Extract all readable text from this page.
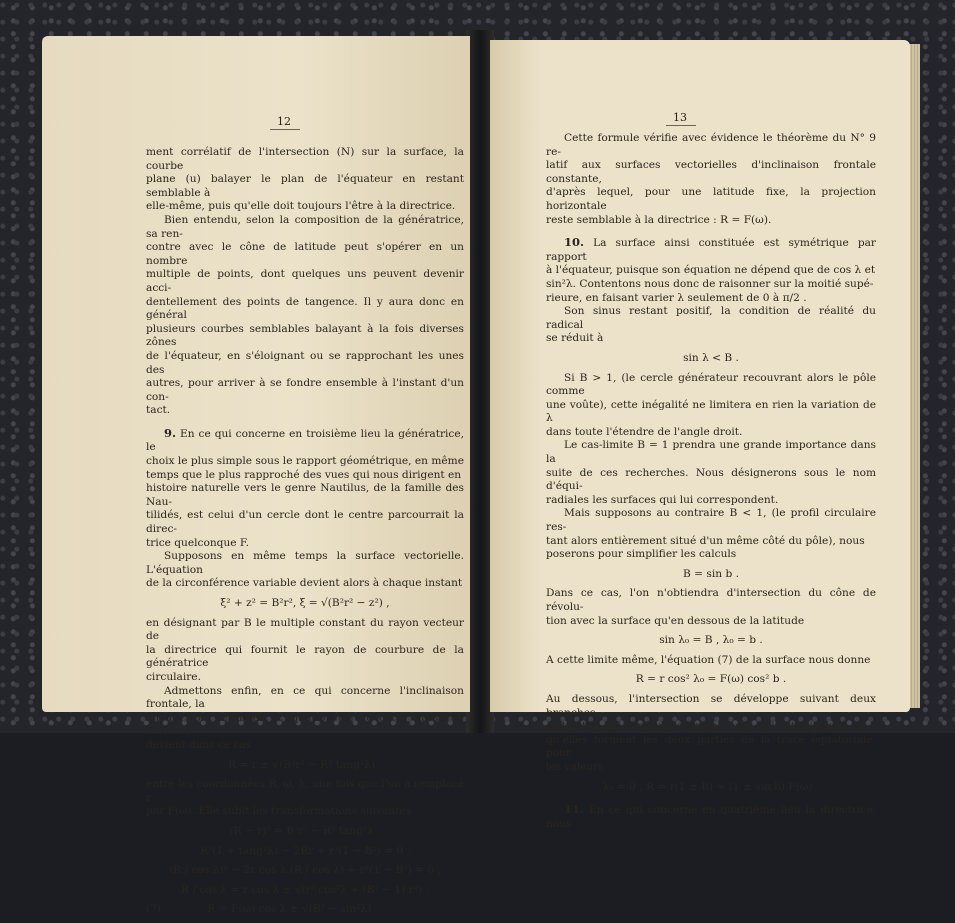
12

ment corrélatif de l'intersection (N) sur la surface, la courbe

plane (u) balayer le plan de l'équateur en restant semblable à

elle-même, puis qu'elle doit toujours l'être à la directrice.

Bien entendu, selon la composition de la génératrice, sa ren-

contre avec le cône de latitude peut s'opérer en un nombre

multiple de points, dont quelques uns peuvent devenir acci-

dentellement des points de tangence. Il y aura donc en général

plusieurs courbes semblables balayant à la fois diverses zônes

de l'équateur, en s'éloignant ou se rapprochant les unes des

autres, pour arriver à se fondre ensemble à l'instant d'un con-

tact.

9. En ce qui concerne en troisième lieu la génératrice, le

choix le plus simple sous le rapport géométrique, en même

temps que le plus rapproché des vues qui nous dirigent en

histoire naturelle vers le genre Nautilus, de la famille des Nau-

tilidés, est celui d'un cercle dont le centre parcourrait la direc-

trice quelconque F.

Supposons en même temps la surface vectorielle. L'équation

de la circonférence variable devient alors à chaque instant

ξ² + z² = B²r², ξ = √(B²r² − z²) ,

en désignant par B le multiple constant du rayon vecteur de

la directrice qui fournit le rayon de courbure de la génératrice

circulaire.

Admettons enfin, en ce qui concerne l'inclinaison frontale, la

loi du front méridien. L'équation (5) de cette classe de surfaces

devient dans ce cas

R = r ± √(B²r² − R² tang²λ) ,

entre les coordonnées R, ω, λ, une fois que l'on a remplacé r

par F(ω). Elle subit les transformations suivantes

(R − r)² = B²r² − R² tang²λ ,

R²(1 + tang²λ) − 2Rr + r²(1 − B²) = 0 ,

(R / cos λ)² − 2r cos λ (R / cos λ) + r²(1 − B²) = 0 ,

R / cos λ = r cos λ ± √(r² cos²λ + (B² − 1) r²) ,

(7)	R = F(ω) cos λ ± √(B² − sin²λ) .

13

Cette formule vérifie avec évidence le théorème du N° 9 re-

latif aux surfaces vectorielles d'inclinaison frontale constante,

d'après lequel, pour une latitude fixe, la projection horizontale

reste semblable à la directrice : R = F(ω).

10. La surface ainsi constituée est symétrique par rapport

à l'équateur, puisque son équation ne dépend que de cos λ et

sin²λ. Contentons nous donc de raisonner sur la moitié supé-

rieure, en faisant varier λ seulement de 0 à π/2 .

Son sinus restant positif, la condition de réalité du radical

se réduit à

sin λ < B .

Si B > 1, (le cercle générateur recouvrant alors le pôle comme

une voûte), cette inégalité ne limitera en rien la variation de λ

dans toute l'étendre de l'angle droit.

Le cas-limite B = 1 prendra une grande importance dans la

suite de ces recherches. Nous désignerons sous le nom d'équi-

radiales les surfaces qui lui correspondent.

Mais supposons au contraire B < 1, (le profil circulaire res-

tant alors entièrement situé d'un même côté du pôle), nous

poserons pour simplifier les calculs

B = sin b .

Dans ce cas, l'on n'obtiendra d'intersection du cône de révolu-

tion avec la surface qu'en dessous de la latitude

sin λ₀ = B , λ₀ = b .

A cette limite même, l'équation (7) de la surface nous donne

R = r cos² λ₀ = F(ω) cos² b .

Au dessous, l'intersection se développe suivant deux branches

distinctes, qui vont en s'écartant l'une de l'autre jusqu'à ce

qu'elles forment les deux parties de la trace équatoriale, pour

les valeurs

λ₁ = 0 , R = r(1 ± B) = (1 ± sin b) F(ω) .

11. En ce qui concerne en quatrième lieu la directrice, nous
